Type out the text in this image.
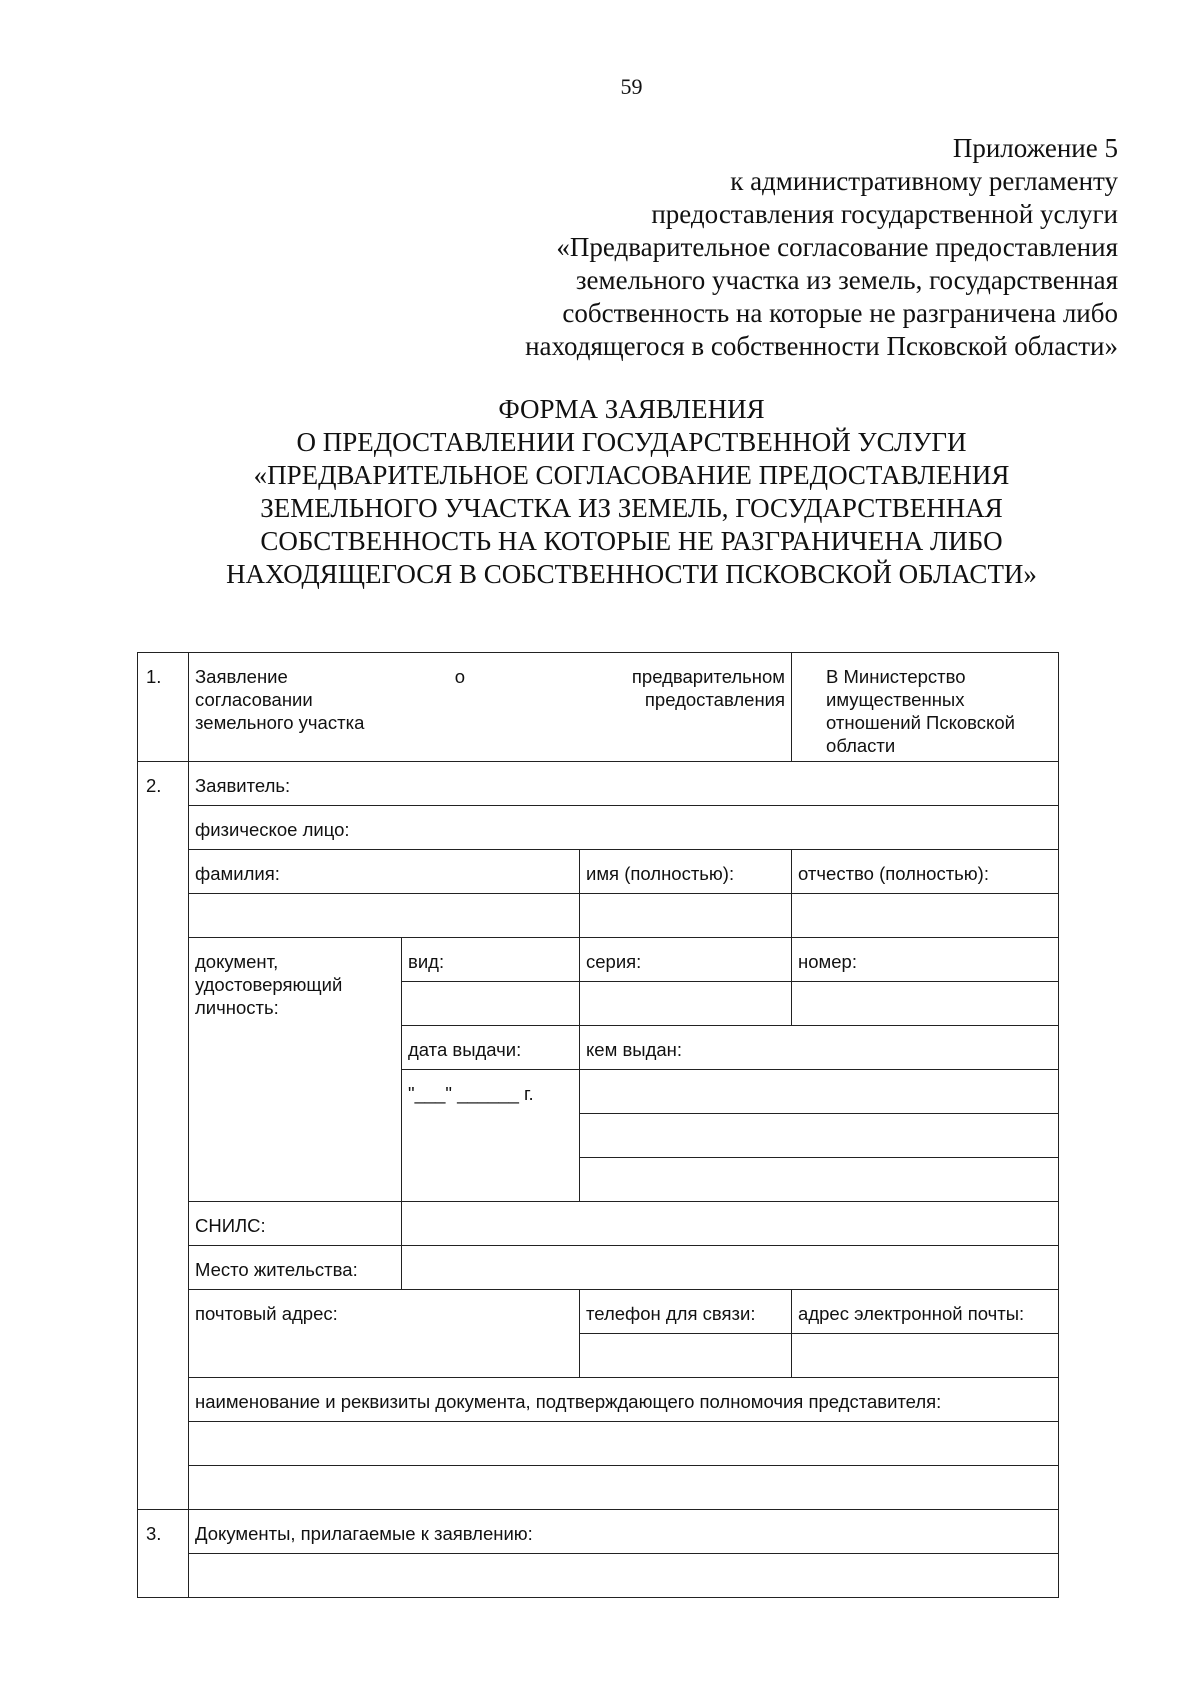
59
Приложение 5
к административному регламенту
предоставления государственной услуги
«Предварительное согласование предоставления
земельного участка из земель, государственная
собственность на которые не разграничена либо
находящегося в собственности Псковской области»
ФОРМА ЗАЯВЛЕНИЯ
О ПРЕДОСТАВЛЕНИИ ГОСУДАРСТВЕННОЙ УСЛУГИ
«ПРЕДВАРИТЕЛЬНОЕ СОГЛАСОВАНИЕ ПРЕДОСТАВЛЕНИЯ
ЗЕМЕЛЬНОГО УЧАСТКА ИЗ ЗЕМЕЛЬ, ГОСУДАРСТВЕННАЯ
СОБСТВЕННОСТЬ НА КОТОРЫЕ НЕ РАЗГРАНИЧЕНА ЛИБО
НАХОДЯЩЕГОСЯ В СОБСТВЕННОСТИ ПСКОВСКОЙ ОБЛАСТИ»
1.	Заявление о предварительном
согласовании предоставления
земельного участка			В Министерство имущественных отношений Псковской области
2.	Заявитель:			
	физическое лицо:			
	фамилия:		имя (полностью):	отчество (полностью):

	документ, удостоверяющий личность:	вид:	серия:	номер:

		дата выдачи:	кем выдан:	
		"___" ______ г.		

	СНИЛС:			
	Место жительства:			
	почтовый адрес:		телефон для связи:	адрес электронной почты:

	наименование и реквизиты документа, подтверждающего полномочия представителя:			

3.	Документы, прилагаемые к заявлению:			
